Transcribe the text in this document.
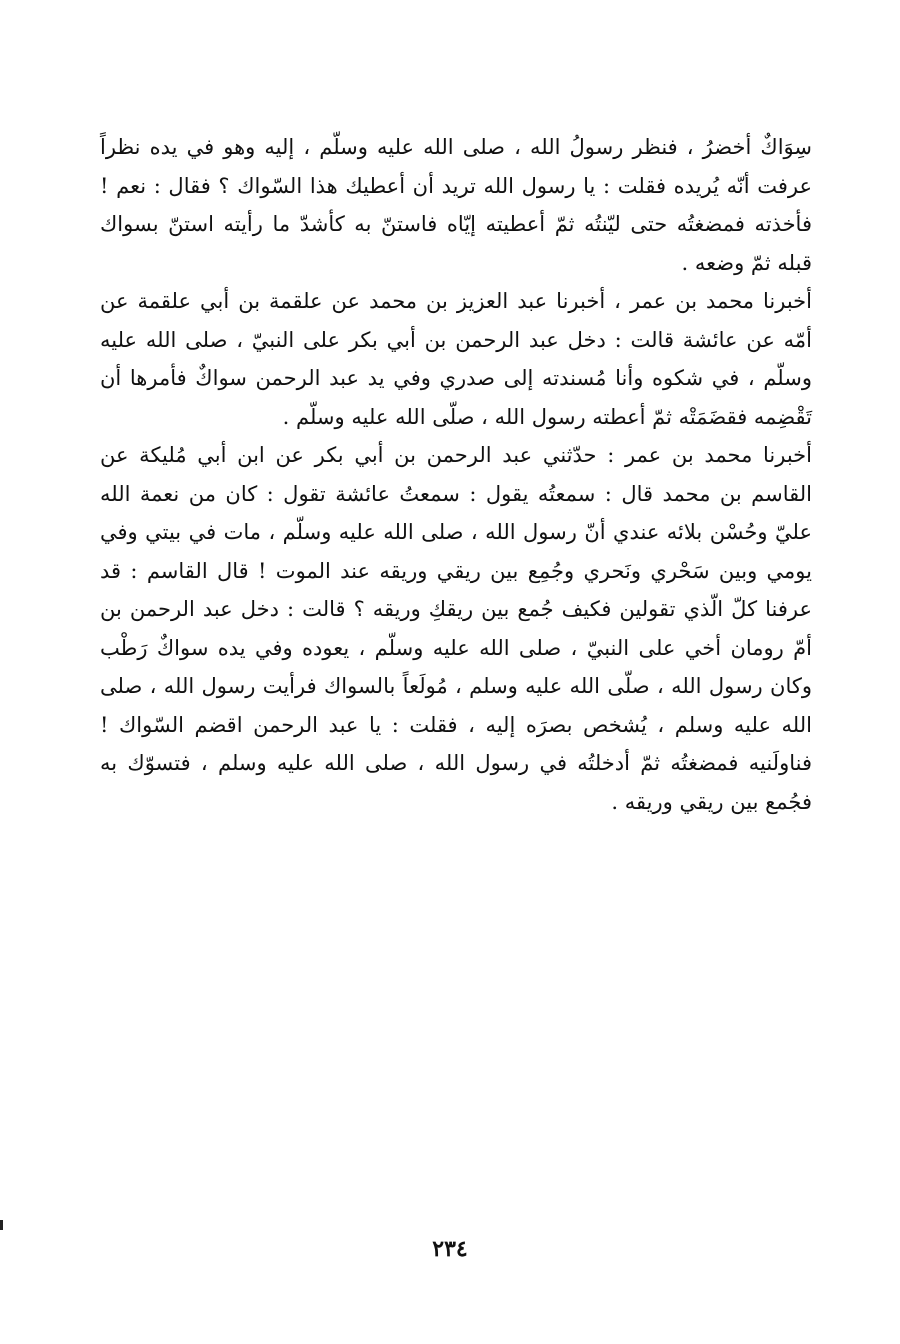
سِوَاكٌ أخضرُ ، فنظر رسولُ الله ، صلى الله عليه وسلّم ، إليه وهو في يده نظراً عرفت أنّه يُريده فقلت : يا رسول الله تريد أن أعطيك هذا السّواك ؟ فقال : نعم ! فأخذته فمضغتُه حتى ليّنتُه ثمّ أعطيته إيّاه فاستنّ به كأشدّ ما رأيته استنّ بسواك قبله ثمّ وضعه .

أخبرنا محمد بن عمر ، أخبرنا عبد العزيز بن محمد عن علقمة بن أبي علقمة عن أمّه عن عائشة قالت : دخل عبد الرحمن بن أبي بكر على النبيّ ، صلى الله عليه وسلّم ، في شكوه وأنا مُسندته إلى صدري وفي يد عبد الرحمن سواكٌ فأمرها أن تَقْضِمه فقضَمَتْه ثمّ أعطته رسول الله ، صلّى الله عليه وسلّم .

أخبرنا محمد بن عمر : حدّثني عبد الرحمن بن أبي بكر عن ابن أبي مُليكة عن القاسم بن محمد قال : سمعتُه يقول : سمعتُ عائشة تقول : كان من نعمة الله عليّ وحُسْن بلائه عندي أنّ رسول الله ، صلى الله عليه وسلّم ، مات في بيتي وفي يومي وبين سَحْري ونَحري وجُمِع بين ريقي وريقه عند الموت ! قال القاسم : قد عرفنا كلّ الّذي تقولين فكيف جُمع بين ريقكِ وريقه ؟ قالت : دخل عبد الرحمن بن أمّ رومان أخي على النبيّ ، صلى الله عليه وسلّم ، يعوده وفي يده سواكٌ رَطْب وكان رسول الله ، صلّى الله عليه وسلم ، مُولَعاً بالسواك فرأيت رسول الله ، صلى الله عليه وسلم ، يُشخص بصرَه إليه ، فقلت : يا عبد الرحمن اقضم السّواك ! فناولَنيه فمضغتُه ثمّ أدخلتُه في رسول الله ، صلى الله عليه وسلم ، فتسوّك به فجُمع بين ريقي وريقه .

٢٣٤
